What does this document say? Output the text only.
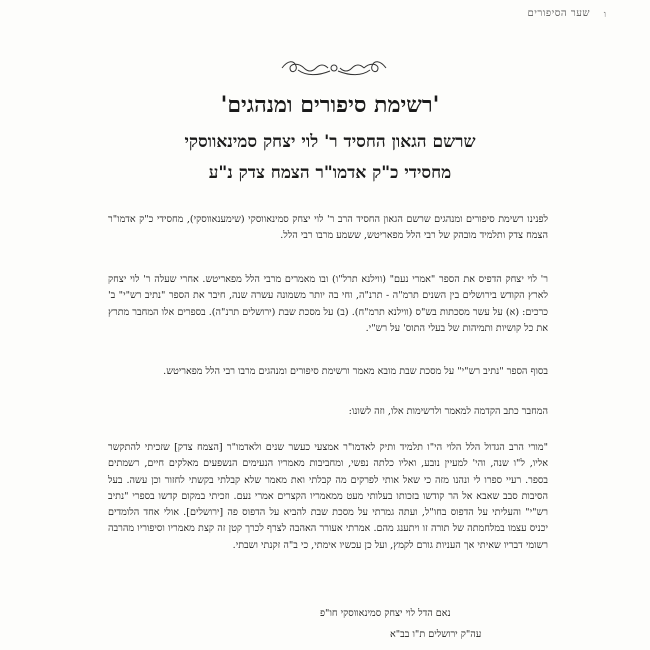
שער הסיפורים ו
'רשימת סיפורים ומנהגים'
שרשם הגאון החסיד ר' לוי יצחק סמינאווסקי
מחסידי כ"ק אדמו"ר הצמח צדק נ"ע

לפנינו רשימת סיפורים ומנהגים שרשם הגאון החסיד הרב ר' לוי יצחק סמינאווסקי (שימענאווסקי), מחסידי כ"ק אדמו"ר הצמח צדק ותלמיד מובהק של רבי הלל מפאריטש, ששמע מרבו רבי הלל.

ר' לוי יצחק הדפיס את הספר "אמרי נעם" (ווילנא תרל"ו) ובו מאמרים מרבי הלל מפאריטש. אחרי שעלה ר' לוי יצחק לארץ הקודש בירושלים בין השנים תרמ"ה - תרנ"ה, וחי בה יותר משמונה עשרה שנה, חיבר את הספר "נתיב רש"י" ב' כרכים: (א) על עשר מסכתות בש"ס (ווילנא תרמ"ח). (ב) על מסכת שבת (ירושלים תרנ"ה). בספרים אלו המחבר מתרץ את כל קושיות ותמיהות של בעלי התוס' על רש"י.

בסוף הספר "נתיב רש"י" על מסכת שבת מובא מאמר ורשימת סיפורים ומנהגים מרבו רבי הלל מפאריטש.

המחבר כתב הקדמה למאמר ולרשימות אלו, וזה לשונו:

"מורי הרב הגדול הלל הלוי הי"ו תלמיד ותיק לאדמו"ר אמצעי כעשר שנים ולאדמו"ר [הצמח צדק] שזכיתי להתקשר אליו, ל"ו שנה, והי' למעיין נובע, ואליו כלתה נפשי, ומחביבות מאמריו הנעימים הנשפעים מאלקים חיים, רשמתים בספר. רעיי ספרו לי ונהנו מזה כי שאל אותי לפרקים מה קבלתי ואת מאמר שלא קבלתי בקשתי לחזור וכן עשה. בעל הסיבות סבב שאבא אל הר קודשו בזכותו בעלותי מעט ממאמריו הקצרים אמרי נעם. וזכיתי במקום קדשו בספרי "נתיב רש"י" והעליתי על הדפוס בחו"ל, ועתה גמרתי על מסכת שבת להביא על הדפוס פה [ירושלים]. אולי אחד הלומדים יכניס עצמו במלחמתה של תורה זו ויתענג מהם. אמרתי אעורר האהבה לצרף לכרך קטן זה קצת מאמריו וסיפוריו מהרבה רשומי דבריו שאיתי אך העניות גורם לקמץ, ועל כן עכשיו אימתי, כי ב"ה זקנתי ושבתי.

נאם הדל לוי יצחק סמינאווסקי חו"פ
עה"ק ירושלים ת"ו בב"א
